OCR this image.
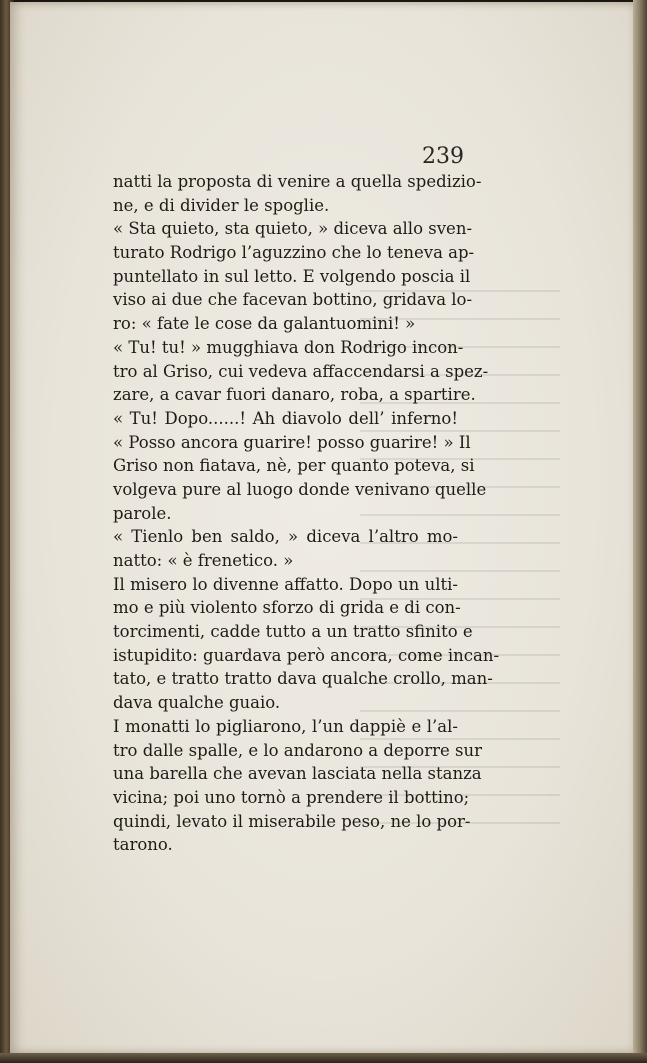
239

natti la proposta di venire a quella spedizio-
ne, e di divider le spoglie.
« Sta quieto, sta quieto, » diceva allo sven-
turato Rodrigo l’aguzzino che lo teneva ap-
puntellato in sul letto. E volgendo poscia il
viso ai due che facevan bottino, gridava lo-
ro: « fate le cose da galantuomini! »
« Tu! tu! » mugghiava don Rodrigo incon-
tro al Griso, cui vedeva affaccendarsi a spez-
zare, a cavar fuori danaro, roba, a spartire.
« Tu! Dopo......! Ah diavolo dell’ inferno!
« Posso ancora guarire! posso guarire! » Il
Griso non fiatava, nè, per quanto poteva, si
volgeva pure al luogo donde venivano quelle
parole.
« Tienlo ben saldo, » diceva l’altro mo-
natto: « è frenetico. »
Il misero lo divenne affatto. Dopo un ulti-
mo e più violento sforzo di grida e di con-
torcimenti, cadde tutto a un tratto sfinito e
istupidito: guardava però ancora, come incan-
tato, e tratto tratto dava qualche crollo, man-
dava qualche guaio.
I monatti lo pigliarono, l’un dappiè e l’al-
tro dalle spalle, e lo andarono a deporre sur
una barella che avevan lasciata nella stanza
vicina; poi uno tornò a prendere il bottino;
quindi, levato il miserabile peso, ne lo por-
tarono.
